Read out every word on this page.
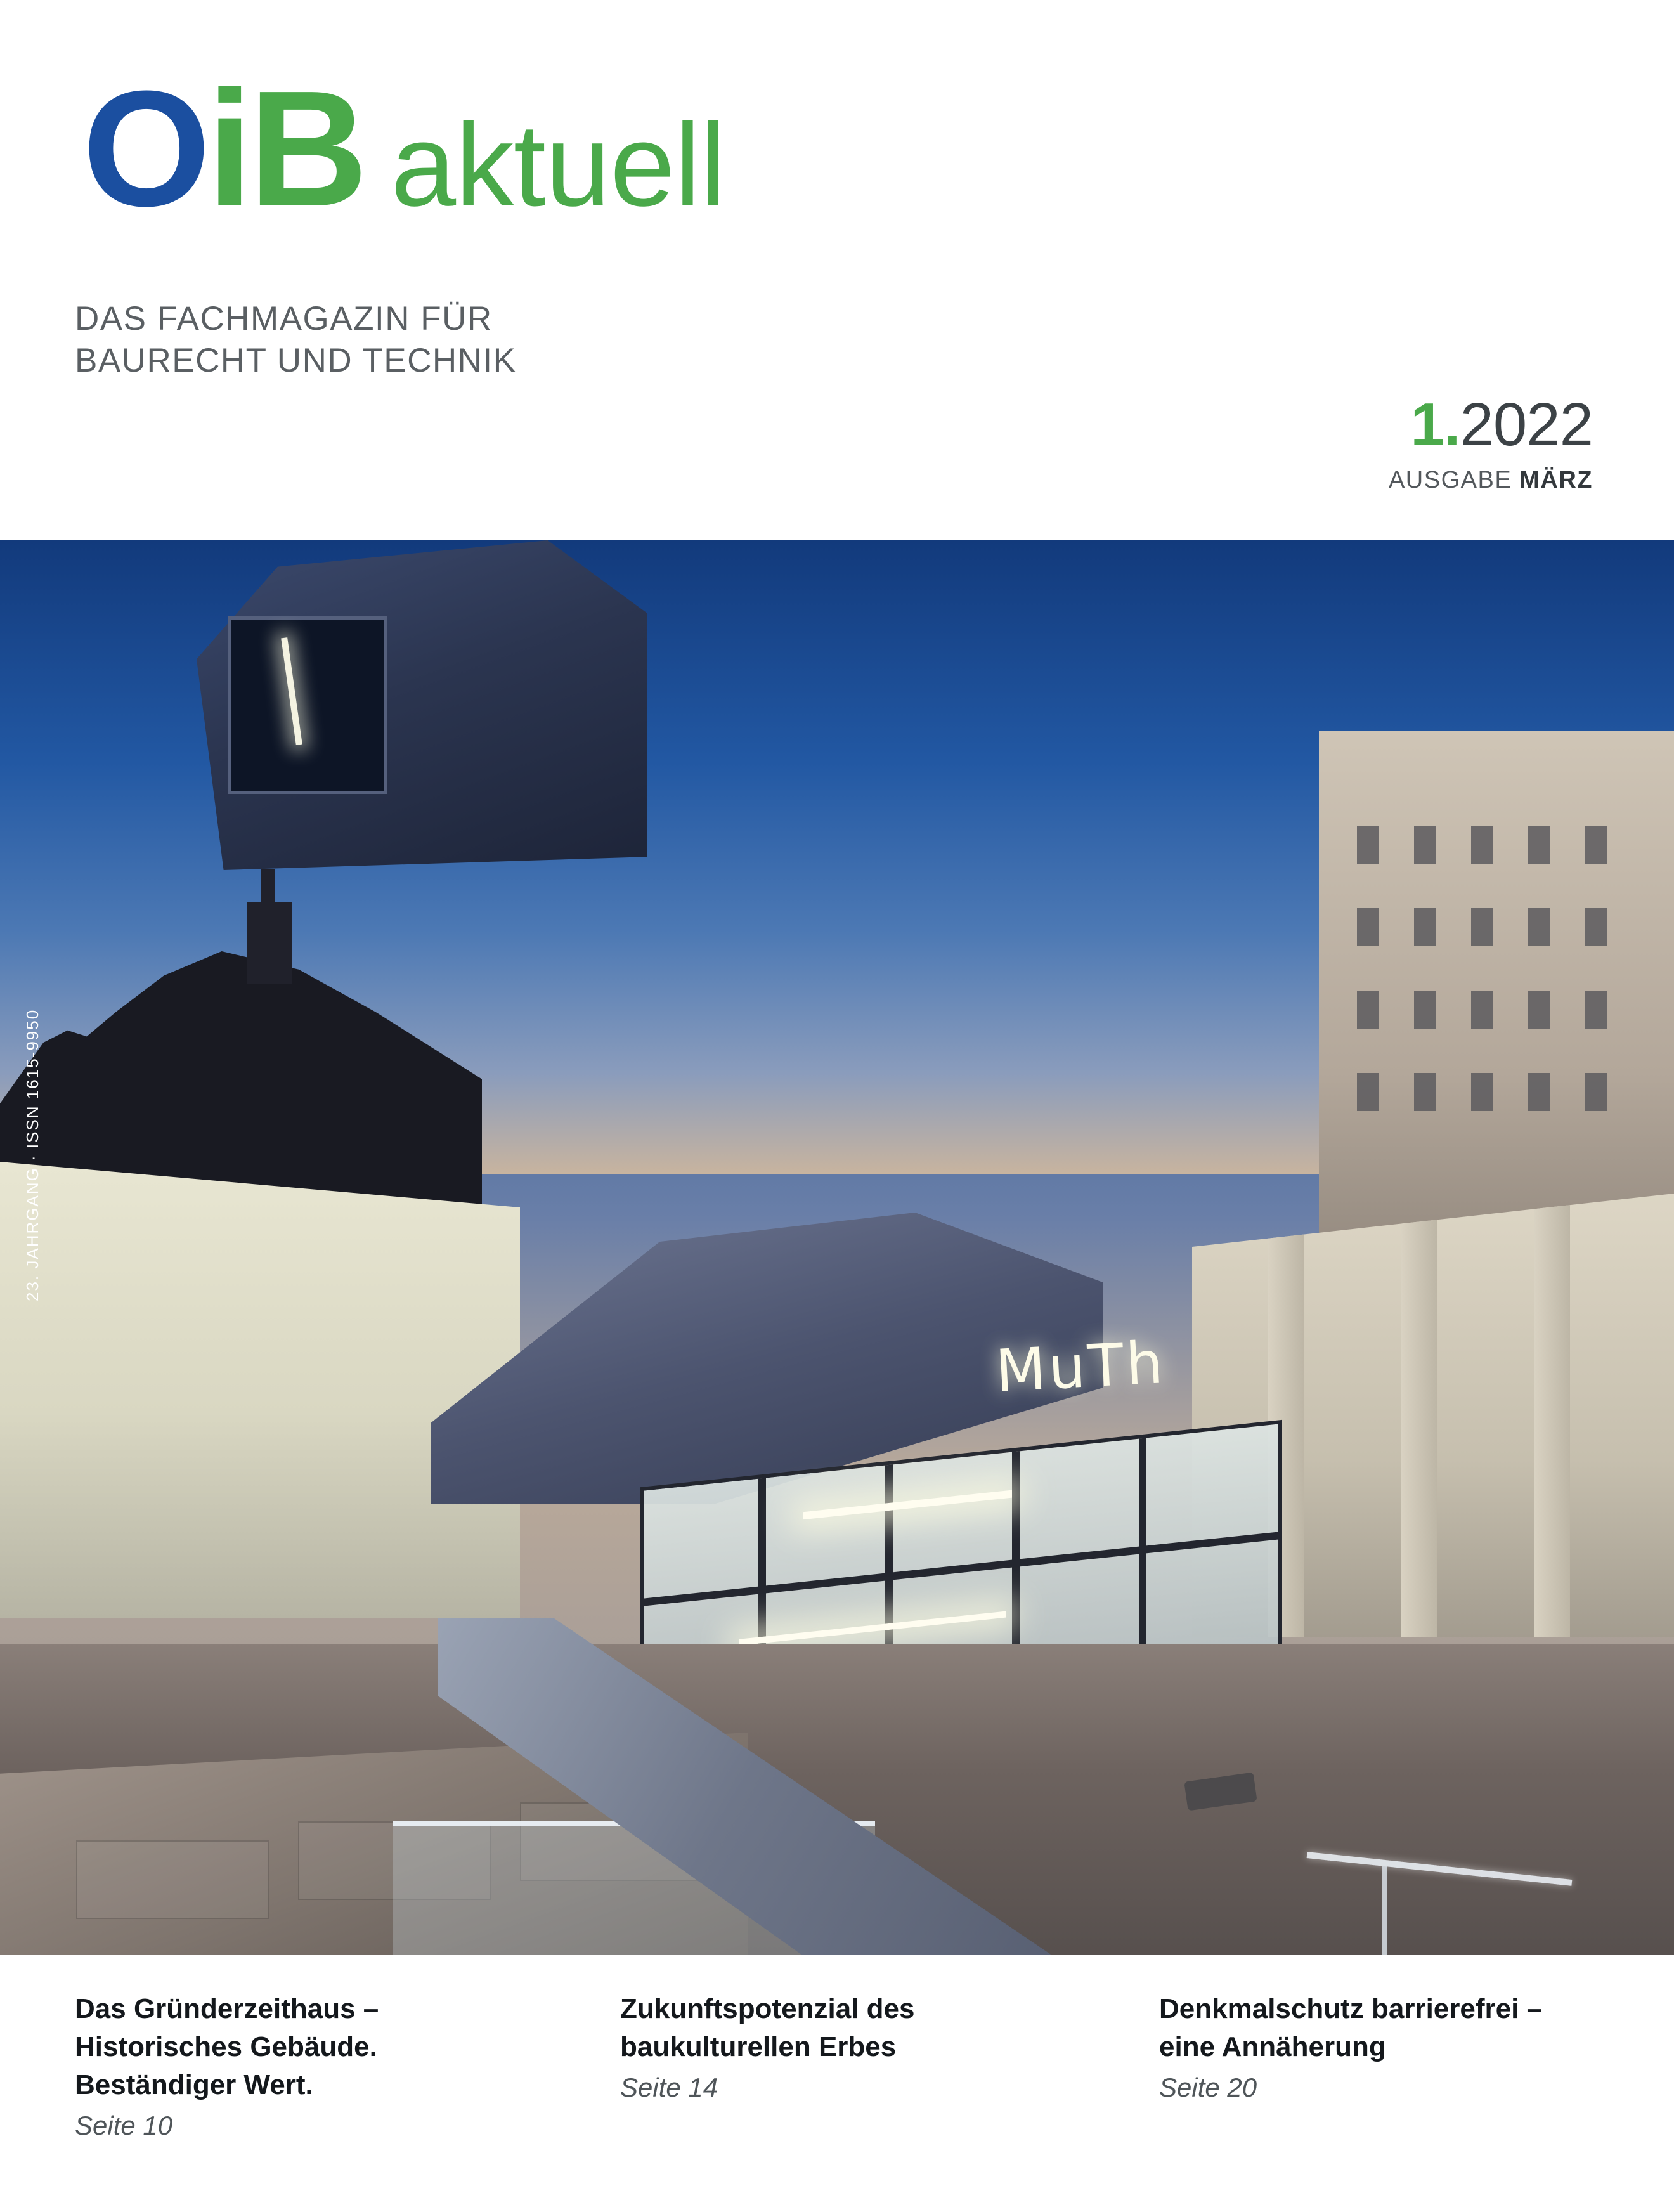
OiB aktuell
DAS FACHMAGAZIN FÜR
BAURECHT UND TECHNIK
1.2022
AUSGABE MÄRZ
MuTh
23. JAHRGANG · ISSN 1615-9950
Das Gründerzeithaus –
Historisches Gebäude.
Beständiger Wert.
Seite 10
Zukunftspotenzial des
baukulturellen Erbes
Seite 14
Denkmalschutz barrierefrei –
eine Annäherung
Seite 20
